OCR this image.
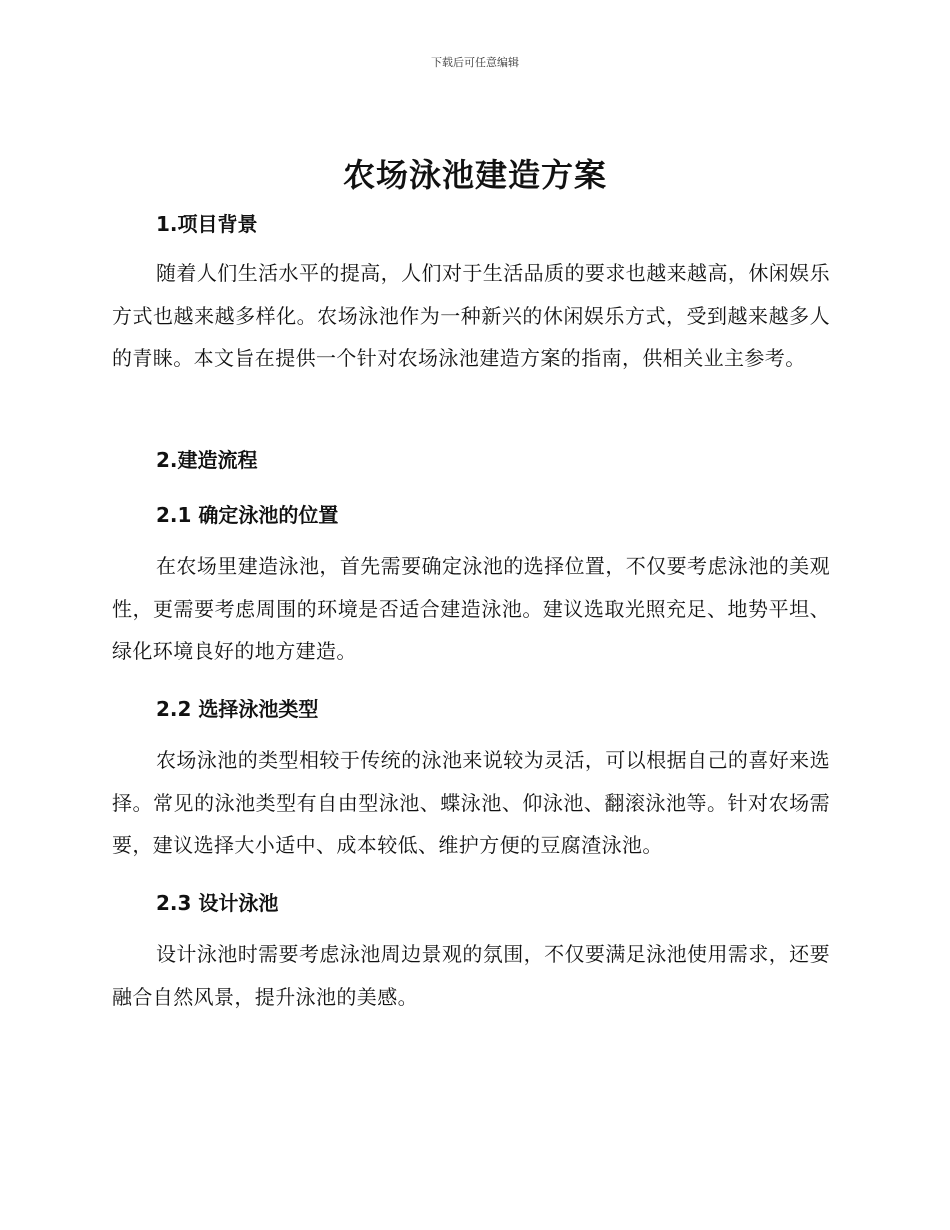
下载后可任意编辑
农场泳池建造方案
1.项目背景
随着人们生活水平的提高，人们对于生活品质的要求也越来越高，休闲娱乐方式也越来越多样化。农场泳池作为一种新兴的休闲娱乐方式，受到越来越多人的青睐。本文旨在提供一个针对农场泳池建造方案的指南，供相关业主参考。
2.建造流程
2.1 确定泳池的位置
在农场里建造泳池，首先需要确定泳池的选择位置，不仅要考虑泳池的美观性，更需要考虑周围的环境是否适合建造泳池。建议选取光照充足、地势平坦、绿化环境良好的地方建造。
2.2 选择泳池类型
农场泳池的类型相较于传统的泳池来说较为灵活，可以根据自己的喜好来选择。常见的泳池类型有自由型泳池、蝶泳池、仰泳池、翻滚泳池等。针对农场需要，建议选择大小适中、成本较低、维护方便的豆腐渣泳池。
2.3 设计泳池
设计泳池时需要考虑泳池周边景观的氛围，不仅要满足泳池使用需求，还要融合自然风景，提升泳池的美感。
